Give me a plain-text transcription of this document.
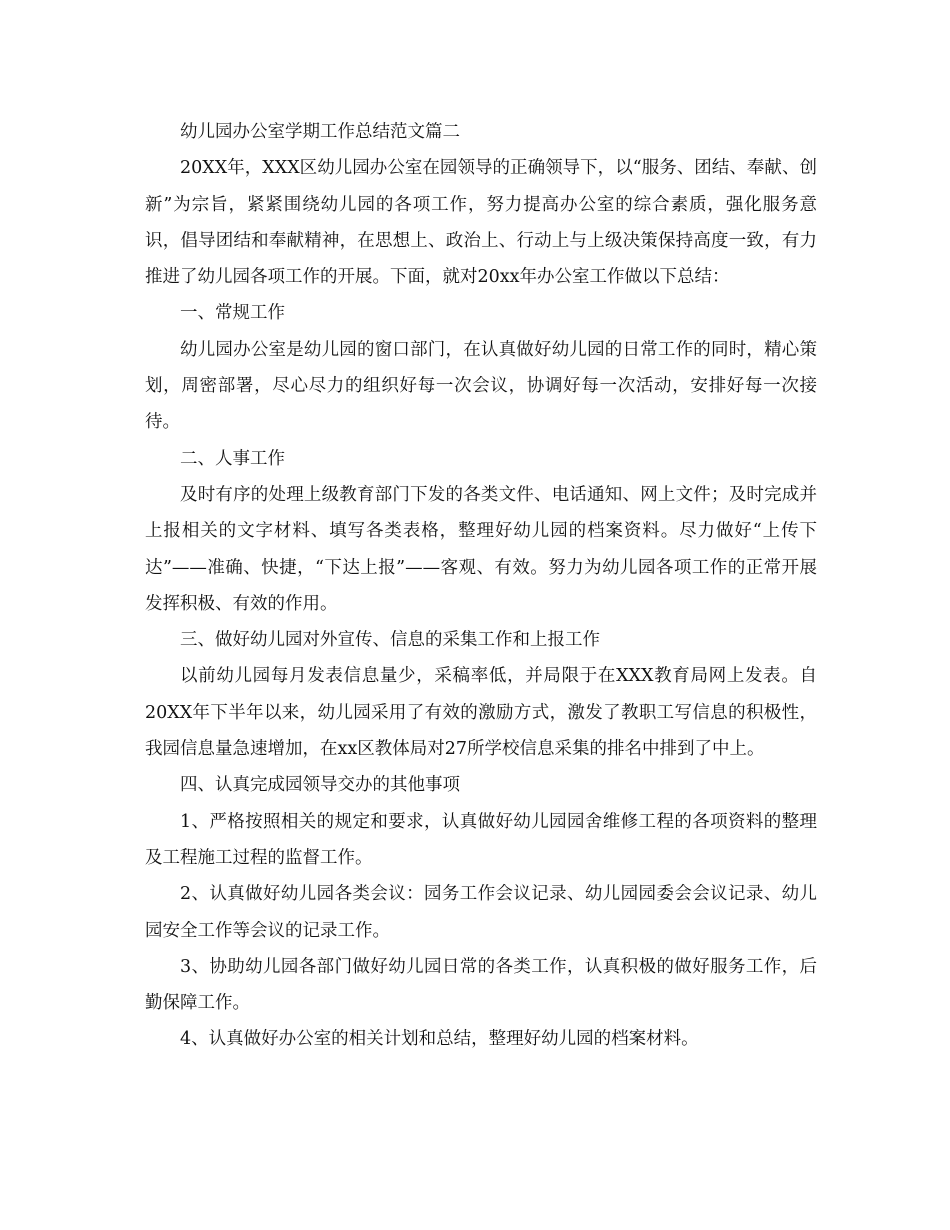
幼儿园办公室学期工作总结范文篇二

20XX年，XXX区幼儿园办公室在园领导的正确领导下，以“服务、团结、奉献、创新”为宗旨，紧紧围绕幼儿园的各项工作，努力提高办公室的综合素质，强化服务意识，倡导团结和奉献精神，在思想上、政治上、行动上与上级决策保持高度一致，有力推进了幼儿园各项工作的开展。下面，就对20xx年办公室工作做以下总结：

一、常规工作

幼儿园办公室是幼儿园的窗口部门，在认真做好幼儿园的日常工作的同时，精心策划，周密部署，尽心尽力的组织好每一次会议，协调好每一次活动，安排好每一次接待。

二、人事工作

及时有序的处理上级教育部门下发的各类文件、电话通知、网上文件；及时完成并上报相关的文字材料、填写各类表格，整理好幼儿园的档案资料。尽力做好“上传下达”——准确、快捷，“下达上报”——客观、有效。努力为幼儿园各项工作的正常开展发挥积极、有效的作用。

三、做好幼儿园对外宣传、信息的采集工作和上报工作

以前幼儿园每月发表信息量少，采稿率低，并局限于在XXX教育局网上发表。自20XX年下半年以来，幼儿园采用了有效的激励方式，激发了教职工写信息的积极性，我园信息量急速增加，在xx区教体局对27所学校信息采集的排名中排到了中上。

四、认真完成园领导交办的其他事项

1、严格按照相关的规定和要求，认真做好幼儿园园舍维修工程的各项资料的整理及工程施工过程的监督工作。

2、认真做好幼儿园各类会议：园务工作会议记录、幼儿园园委会会议记录、幼儿园安全工作等会议的记录工作。

3、协助幼儿园各部门做好幼儿园日常的各类工作，认真积极的做好服务工作，后勤保障工作。

4、认真做好办公室的相关计划和总结，整理好幼儿园的档案材料。
